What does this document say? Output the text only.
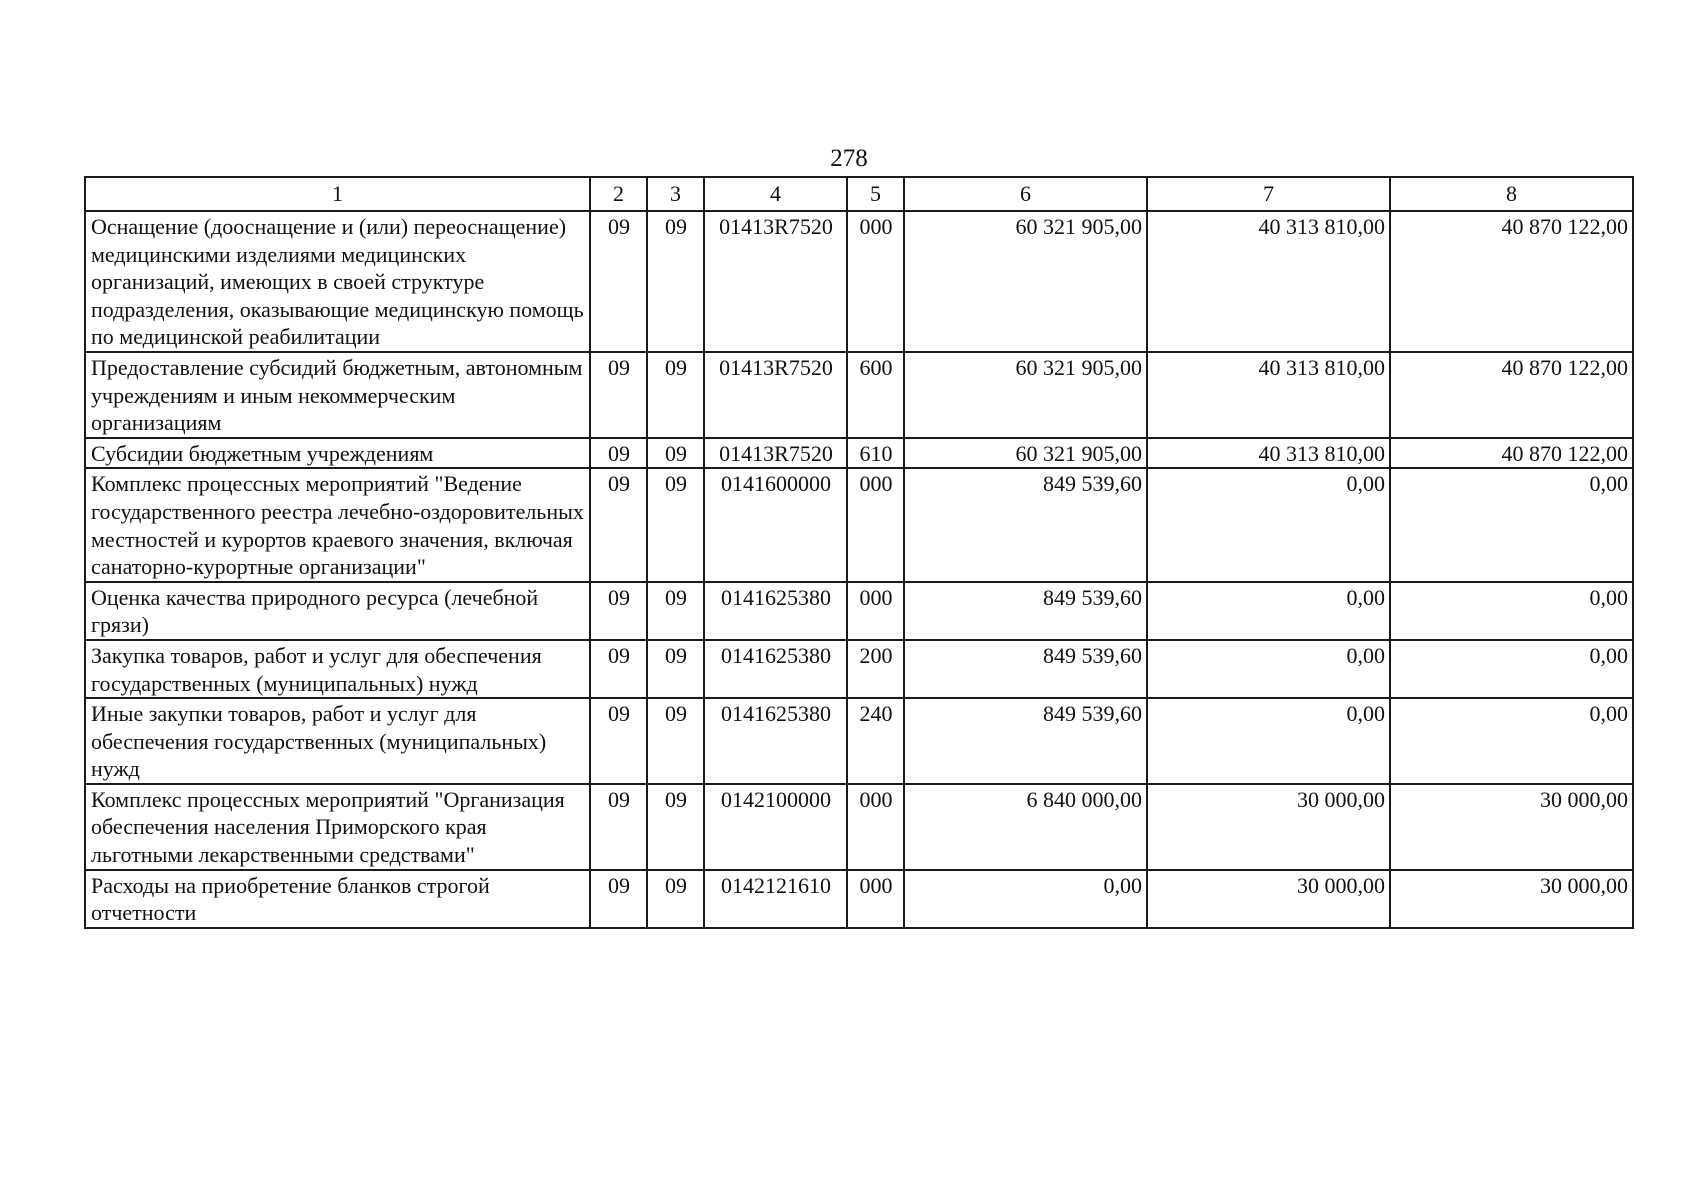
278
1	2	3	4	5	6	7	8
Оснащение (дооснащение и (или) переоснащение) медицинскими изделиями медицинских организаций, имеющих в своей структуре подразделения, оказывающие медицинскую помощь по медицинской реабилитации	09	09	01413R7520	000	60 321 905,00	40 313 810,00	40 870 122,00
Предоставление субсидий бюджетным, автономным учреждениям и иным некоммерческим организациям	09	09	01413R7520	600	60 321 905,00	40 313 810,00	40 870 122,00
Субсидии бюджетным учреждениям	09	09	01413R7520	610	60 321 905,00	40 313 810,00	40 870 122,00
Комплекс процессных мероприятий "Ведение государственного реестра лечебно-оздоровительных местностей и курортов краевого значения, включая санаторно-курортные организации"	09	09	0141600000	000	849 539,60	0,00	0,00
Оценка качества природного ресурса (лечебной грязи)	09	09	0141625380	000	849 539,60	0,00	0,00
Закупка товаров, работ и услуг для обеспечения государственных (муниципальных) нужд	09	09	0141625380	200	849 539,60	0,00	0,00
Иные закупки товаров, работ и услуг для обеспечения государственных (муниципальных) нужд	09	09	0141625380	240	849 539,60	0,00	0,00
Комплекс процессных мероприятий "Организация обеспечения населения Приморского края льготными лекарственными средствами"	09	09	0142100000	000	6 840 000,00	30 000,00	30 000,00
Расходы на приобретение бланков строгой отчетности	09	09	0142121610	000	0,00	30 000,00	30 000,00
